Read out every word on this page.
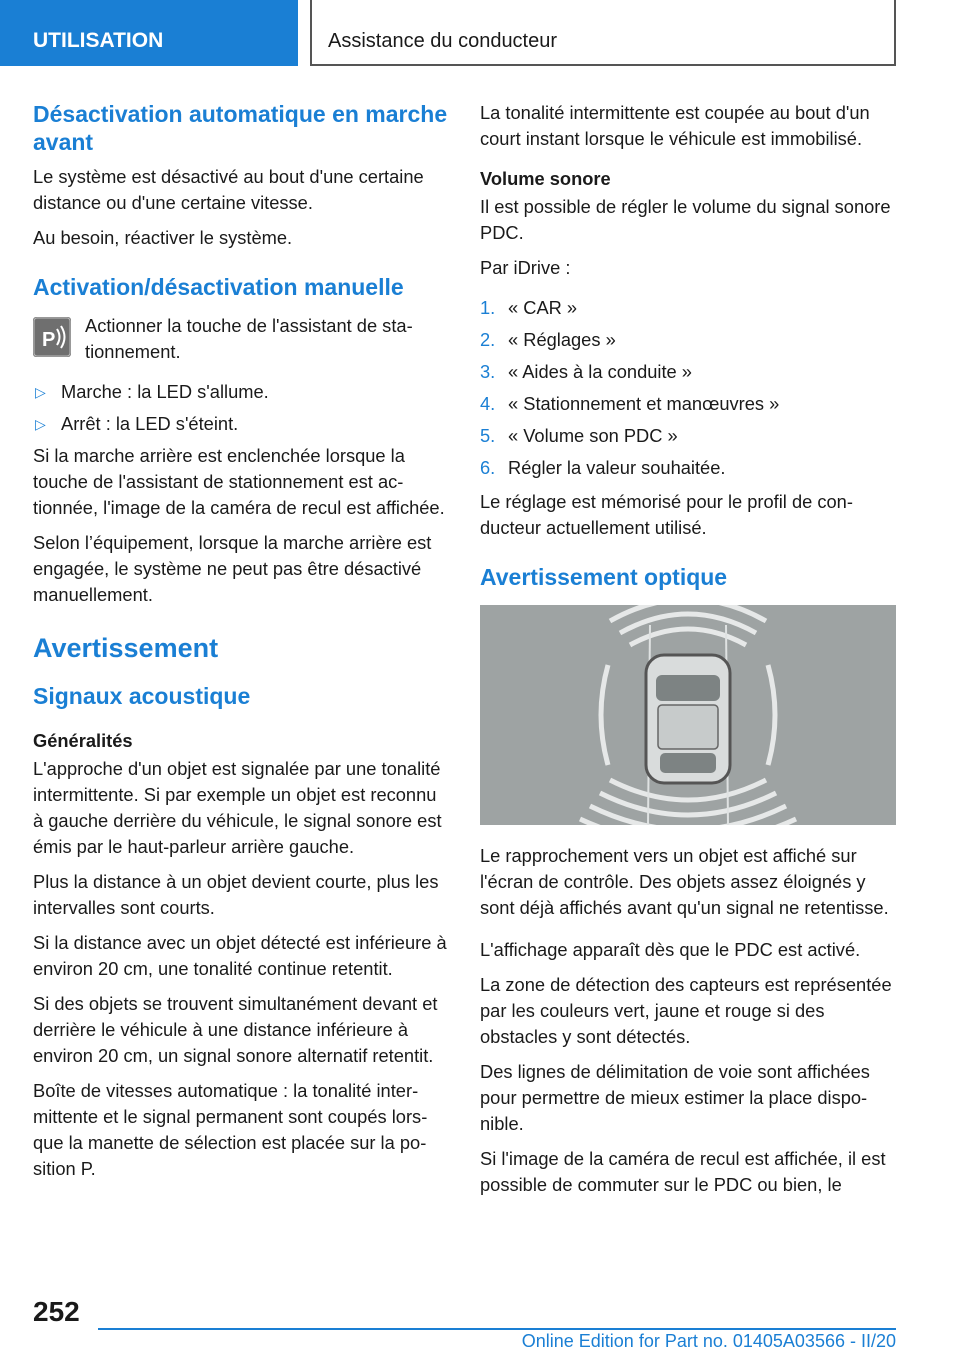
UTILISATION	Assistance du conducteur
Désactivation automatique en marche avant

Le système est désactivé au bout d'une certaine distance ou d'une certaine vitesse.

Au besoin, réactiver le système.

Activation/désactivation manuelle
P
Actionner la touche de l'assistant de stationnement.
▷ Marche : la LED s'allume.
▷ Arrêt : la LED s'éteint.

Si la marche arrière est enclenchée lorsque la touche de l'assistant de stationnement est actionnée, l'image de la caméra de recul est affichée.

Selon l’équipement, lorsque la marche arrière est engagée, le système ne peut pas être désactivé manuellement.

Avertissement
Signaux acoustique
Généralités

L'approche d'un objet est signalée par une tonalité intermittente. Si par exemple un objet est reconnu à gauche derrière du véhicule, le signal sonore est émis par le haut-parleur arrière gauche.

Plus la distance à un objet devient courte, plus les intervalles sont courts.

Si la distance avec un objet détecté est inférieure à environ 20 cm, une tonalité continue retentit.

Si des objets se trouvent simultanément devant et derrière le véhicule à une distance inférieure à environ 20 cm, un signal sonore alternatif retentit.

Boîte de vitesses automatique : la tonalité intermittente et le signal permanent sont coupés lorsque la manette de sélection est placée sur la position P.

La tonalité intermittente est coupée au bout d'un court instant lorsque le véhicule est immobilisé.

Volume sonore

Il est possible de régler le volume du signal sonore PDC.

Par iDrive :

1. « CAR »
2. « Réglages »
3. « Aides à la conduite »
4. « Stationnement et manœuvres »
5. « Volume son PDC »
6. Régler la valeur souhaitée.

Le réglage est mémorisé pour le profil de conducteur actuellement utilisé.

Avertissement optique

Le rapprochement vers un objet est affiché sur l'écran de contrôle. Des objets assez éloignés y sont déjà affichés avant qu'un signal ne retentisse.

L'affichage apparaît dès que le PDC est activé.

La zone de détection des capteurs est représentée par les couleurs vert, jaune et rouge si des obstacles y sont détectés.

Des lignes de délimitation de voie sont affichées pour permettre de mieux estimer la place disponible.

Si l'image de la caméra de recul est affichée, il est possible de commuter sur le PDC ou bien, le

252
Online Edition for Part no. 01405A03566 - II/20
